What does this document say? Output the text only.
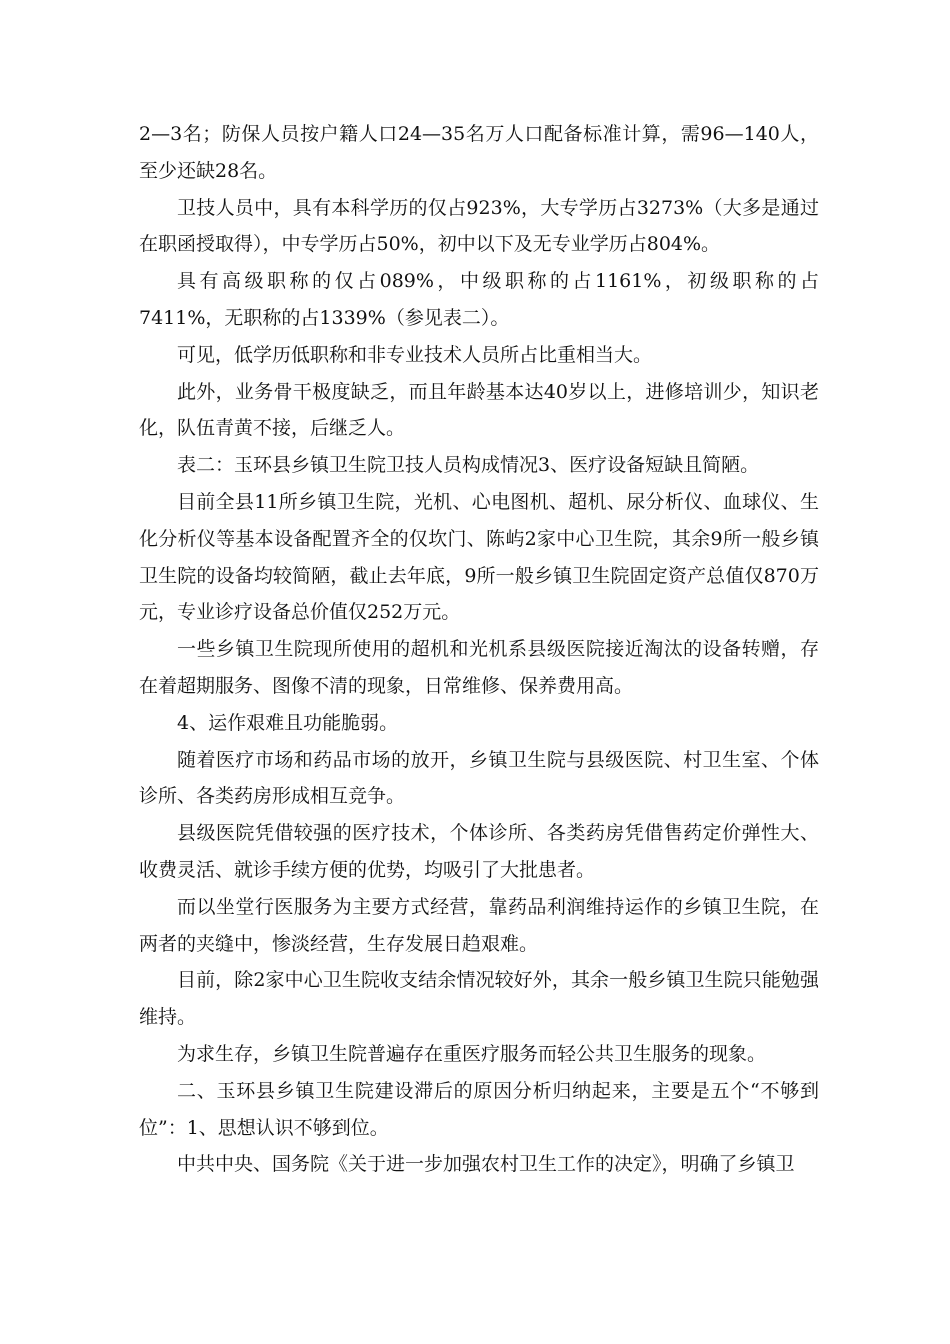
2—3名；防保人员按户籍人口24—35名万人口配备标准计算，需96—140人，至少还缺28名。

卫技人员中，具有本科学历的仅占923%，大专学历占3273%（大多是通过在职函授取得），中专学历占50%，初中以下及无专业学历占804%。

具有高级职称的仅占089%，中级职称的占1161%，初级职称的占7411%，无职称的占1339%（参见表二）。

可见，低学历低职称和非专业技术人员所占比重相当大。

此外，业务骨干极度缺乏，而且年龄基本达40岁以上，进修培训少，知识老化，队伍青黄不接，后继乏人。

表二：玉环县乡镇卫生院卫技人员构成情况3、医疗设备短缺且简陋。

目前全县11所乡镇卫生院，光机、心电图机、超机、尿分析仪、血球仪、生化分析仪等基本设备配置齐全的仅坎门、陈屿2家中心卫生院，其余9所一般乡镇卫生院的设备均较简陋，截止去年底，9所一般乡镇卫生院固定资产总值仅870万元，专业诊疗设备总价值仅252万元。

一些乡镇卫生院现所使用的超机和光机系县级医院接近淘汰的设备转赠，存在着超期服务、图像不清的现象，日常维修、保养费用高。

4、运作艰难且功能脆弱。

随着医疗市场和药品市场的放开，乡镇卫生院与县级医院、村卫生室、个体诊所、各类药房形成相互竞争。

县级医院凭借较强的医疗技术，个体诊所、各类药房凭借售药定价弹性大、收费灵活、就诊手续方便的优势，均吸引了大批患者。

而以坐堂行医服务为主要方式经营，靠药品利润维持运作的乡镇卫生院，在两者的夹缝中，惨淡经营，生存发展日趋艰难。

目前，除2家中心卫生院收支结余情况较好外，其余一般乡镇卫生院只能勉强维持。

为求生存，乡镇卫生院普遍存在重医疗服务而轻公共卫生服务的现象。

二、玉环县乡镇卫生院建设滞后的原因分析归纳起来，主要是五个“不够到位”：1、思想认识不够到位。

中共中央、国务院《关于进一步加强农村卫生工作的决定》，明确了乡镇卫
